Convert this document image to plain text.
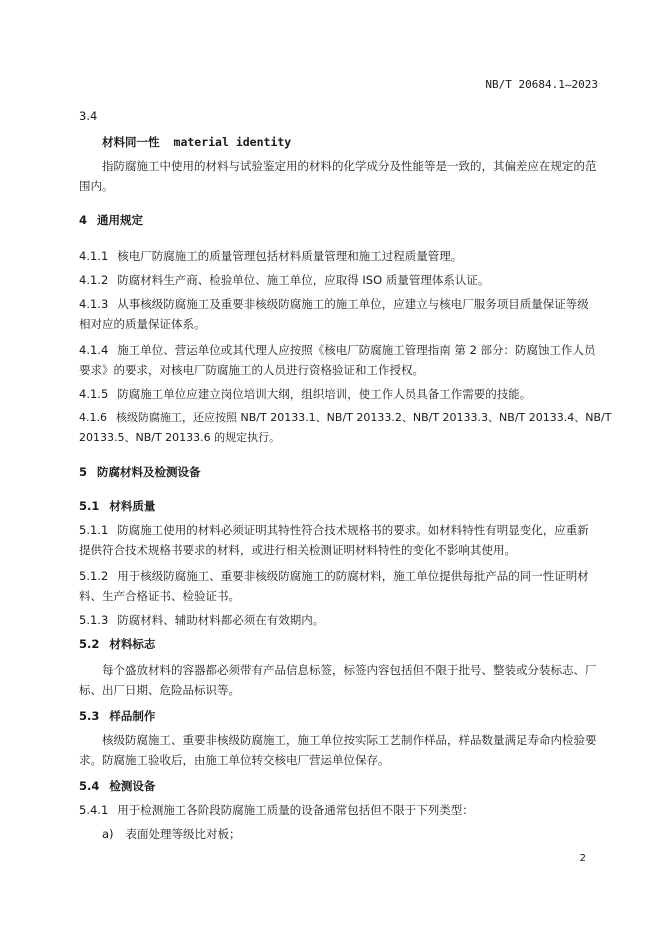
NB/T 20684.1—2023
3.4
材料同一性 material identity
指防腐施工中使用的材料与试验鉴定用的材料的化学成分及性能等是一致的，其偏差应在规定的范
围内。
4 通用规定
4.1.1 核电厂防腐施工的质量管理包括材料质量管理和施工过程质量管理。
4.1.2 防腐材料生产商、检验单位、施工单位，应取得 ISO 质量管理体系认证。
4.1.3 从事核级防腐施工及重要非核级防腐施工的施工单位，应建立与核电厂服务项目质量保证等级
相对应的质量保证体系。
4.1.4 施工单位、营运单位或其代理人应按照《核电厂防腐施工管理指南 第 2 部分：防腐蚀工作人员
要求》的要求，对核电厂防腐施工的人员进行资格验证和工作授权。
4.1.5 防腐施工单位应建立岗位培训大纲，组织培训，使工作人员具备工作需要的技能。
4.1.6 核级防腐施工，还应按照 NB/T 20133.1、NB/T 20133.2、NB/T 20133.3、NB/T 20133.4、NB/T
20133.5、NB/T 20133.6 的规定执行。
5 防腐材料及检测设备
5.1 材料质量
5.1.1 防腐施工使用的材料必须证明其特性符合技术规格书的要求。如材料特性有明显变化，应重新
提供符合技术规格书要求的材料，或进行相关检测证明材料特性的变化不影响其使用。
5.1.2 用于核级防腐施工、重要非核级防腐施工的防腐材料，施工单位提供每批产品的同一性证明材
料、生产合格证书、检验证书。
5.1.3 防腐材料、辅助材料都必须在有效期内。
5.2 材料标志
每个盛放材料的容器都必须带有产品信息标签，标签内容包括但不限于批号、整装或分装标志、厂
标、出厂日期、危险品标识等。
5.3 样品制作
核级防腐施工、重要非核级防腐施工，施工单位按实际工艺制作样品，样品数量满足寿命内检验要
求。防腐施工验收后，由施工单位转交核电厂营运单位保存。
5.4 检测设备
5.4.1 用于检测施工各阶段防腐施工质量的设备通常包括但不限于下列类型：
a) 表面处理等级比对板；
2
